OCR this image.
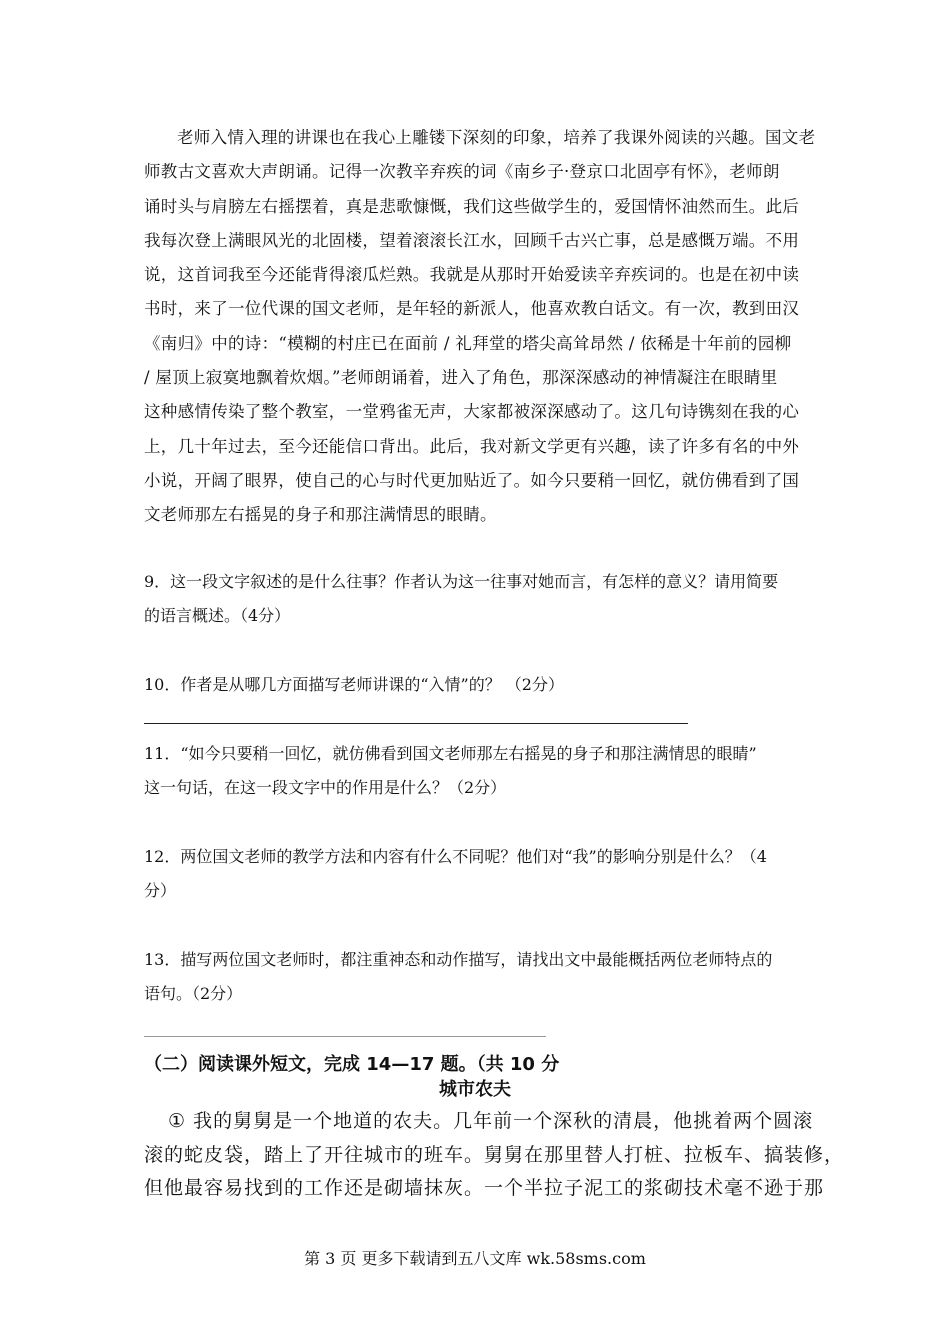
老师入情入理的讲课也在我心上雕镂下深刻的印象，培养了我课外阅读的兴趣。国文老
师教古文喜欢大声朗诵。记得一次教辛弃疾的词《南乡子·登京口北固亭有怀》，老师朗
诵时头与肩膀左右摇摆着，真是悲歌慷慨，我们这些做学生的，爱国情怀油然而生。此后
我每次登上满眼风光的北固楼，望着滚滚长江水，回顾千古兴亡事，总是感慨万端。不用
说，这首词我至今还能背得滚瓜烂熟。我就是从那时开始爱读辛弃疾词的。也是在初中读
书时，来了一位代课的国文老师，是年轻的新派人，他喜欢教白话文。有一次，教到田汉
《南归》中的诗：“模糊的村庄已在面前 / 礼拜堂的塔尖高耸昂然 / 依稀是十年前的园柳
/ 屋顶上寂寞地飘着炊烟。”老师朗诵着，进入了角色，那深深感动的神情凝注在眼睛里
这种感情传染了整个教室，一堂鸦雀无声，大家都被深深感动了。这几句诗镌刻在我的心
上，几十年过去，至今还能信口背出。此后，我对新文学更有兴趣，读了许多有名的中外
小说，开阔了眼界，使自己的心与时代更加贴近了。如今只要稍一回忆，就仿佛看到了国
文老师那左右摇晃的身子和那注满情思的眼睛。
9．这一段文字叙述的是什么往事？作者认为这一往事对她而言，有怎样的意义？请用简要
的语言概述。（4分）
10．作者是从哪几方面描写老师讲课的“入情”的？ （2分）
11．“如今只要稍一回忆，就仿佛看到国文老师那左右摇晃的身子和那注满情思的眼睛”
这一句话，在这一段文字中的作用是什么？（2分）
12．两位国文老师的教学方法和内容有什么不同呢？他们对“我”的影响分别是什么？（4
分）
13．描写两位国文老师时，都注重神态和动作描写，请找出文中最能概括两位老师特点的
语句。（2分）
（二）阅读课外短文，完成 14—17 题。（共 10 分
城市农夫
① 我的舅舅是一个地道的农夫。几年前一个深秋的清晨，他挑着两个圆滚
滚的蛇皮袋，踏上了开往城市的班车。舅舅在那里替人打桩、拉板车、搞装修，
但他最容易找到的工作还是砌墙抹灰。一个半拉子泥工的浆砌技术毫不逊于那
第 3 页 更多下载请到五八文库 wk.58sms.com
